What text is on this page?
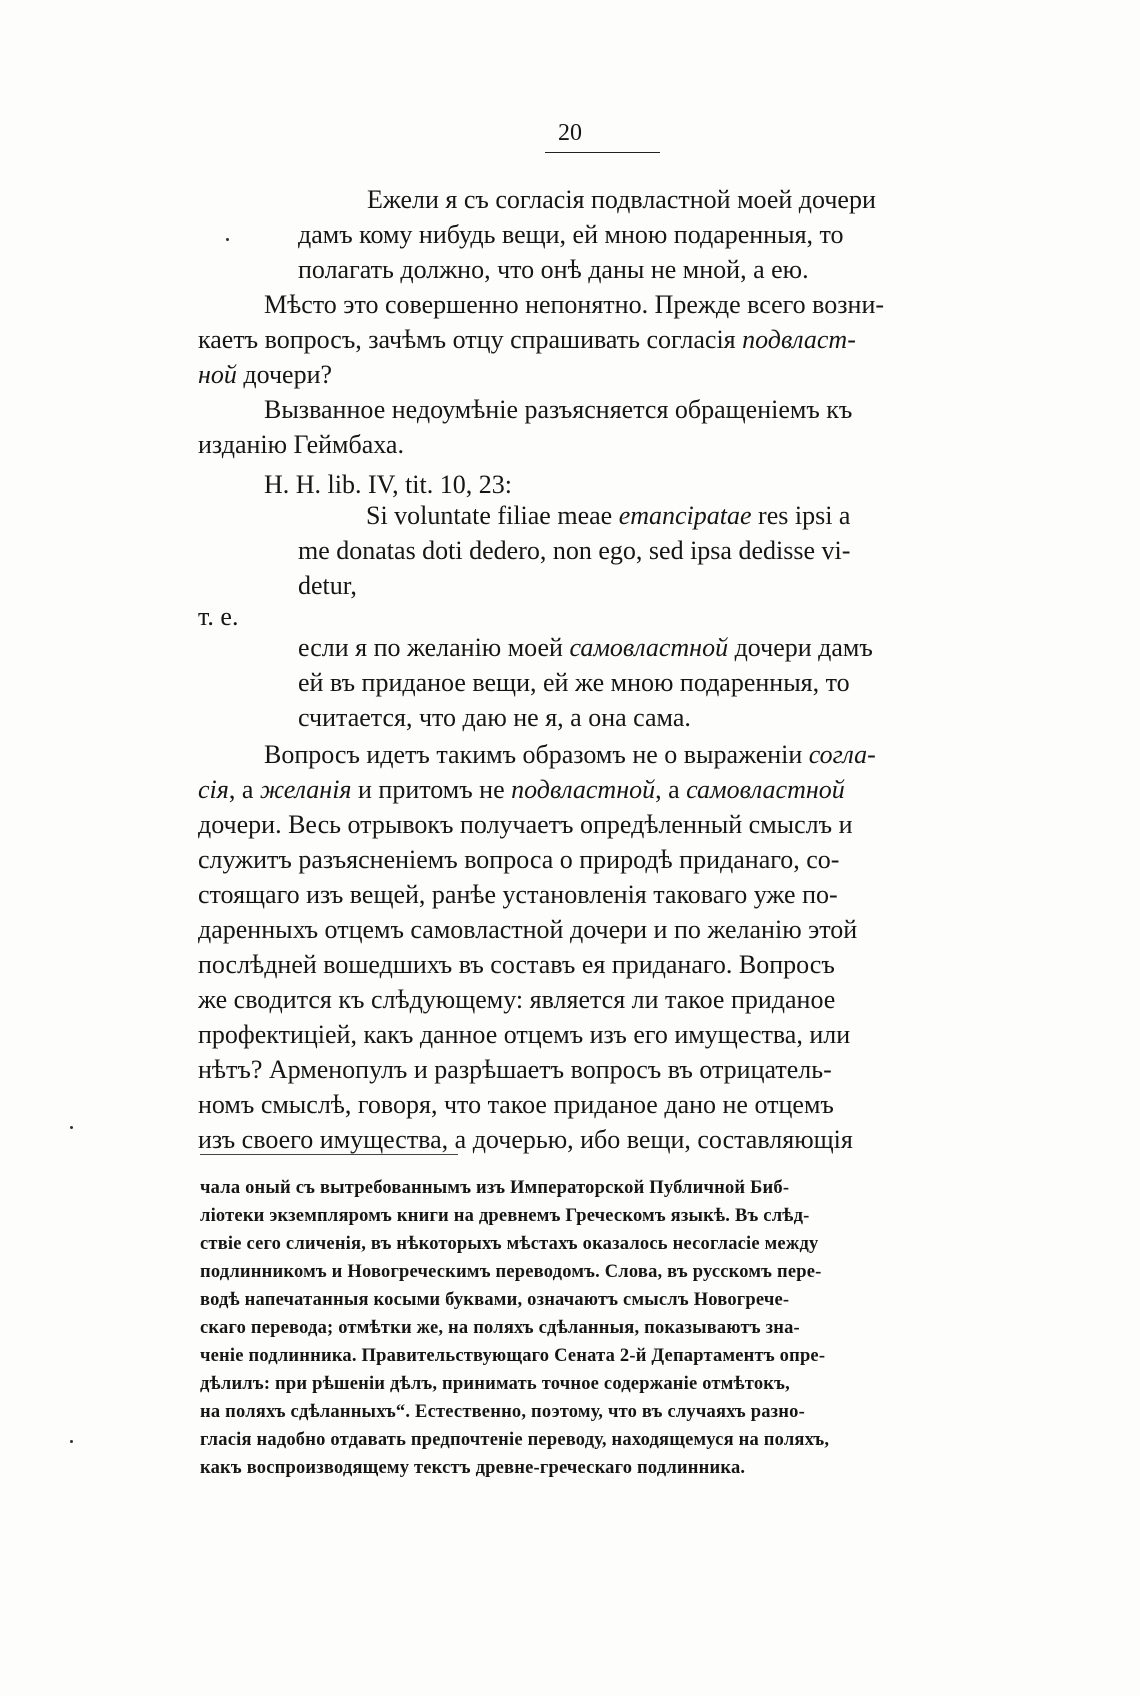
20

Ежели я съ согласія подвластной моей дочери

дамъ кому нибудь вещи, ей мною подаренныя, то

полагать должно, что онѣ даны не мной, а ею.

Мѣсто это совершенно непонятно. Прежде всего возни-

каетъ вопросъ, зачѣмъ отцу спрашивать согласія подвласт-

ной дочери?

Вызванное недоумѣніе разъясняется обращеніемъ къ

изданію Геймбаха.

H. H. lib. IV, tit. 10, 23:

Si voluntate filiae meae emancipatae res ipsi a

me donatas doti dedero, non ego, sed ipsa dedisse vi-

detur,

т. е.

если я по желанію моей самовластной дочери дамъ

ей въ приданое вещи, ей же мною подаренныя, то

считается, что даю не я, а она сама.

Вопросъ идетъ такимъ образомъ не о выраженіи согла-

сія, а желанія и притомъ не подвластной, а самовластной

дочери. Весь отрывокъ получаетъ опредѣленный смыслъ и

служитъ разъясненіемъ вопроса о природѣ приданаго, со-

стоящаго изъ вещей, ранѣе установленія таковаго уже по-

даренныхъ отцемъ самовластной дочери и по желанію этой

послѣдней вошедшихъ въ составъ ея приданаго. Вопросъ

же сводится къ слѣдующему: является ли такое приданое

профектиціей, какъ данное отцемъ изъ его имущества, или

нѣтъ? Арменопулъ и разрѣшаетъ вопросъ въ отрицатель-

номъ смыслѣ, говоря, что такое приданое дано не отцемъ

изъ своего имущества, а дочерью, ибо вещи, составляющія

чала оный съ вытребованнымъ изъ Императорской Публичной Биб-

ліотеки экземпляромъ книги на древнемъ Греческомъ языкѣ. Въ слѣд-

ствіе сего сличенія, въ нѣкоторыхъ мѣстахъ оказалось несогласіе между

подлинникомъ и Новогреческимъ переводомъ. Слова, въ русскомъ пере-

водѣ напечатанныя косыми буквами, означаютъ смыслъ Новогрече-

скаго перевода; отмѣтки же, на поляхъ сдѣланныя, показываютъ зна-

ченіе подлинника. Правительствующаго Сената 2-й Департаментъ опре-

дѣлилъ: при рѣшеніи дѣлъ, принимать точное содержаніе отмѣтокъ,

на поляхъ сдѣланныхъ“. Естественно, поэтому, что въ случаяхъ разно-

гласія надобно отдавать предпочтеніе переводу, находящемуся на поляхъ,

какъ воспроизводящему текстъ древне-греческаго подлинника.
